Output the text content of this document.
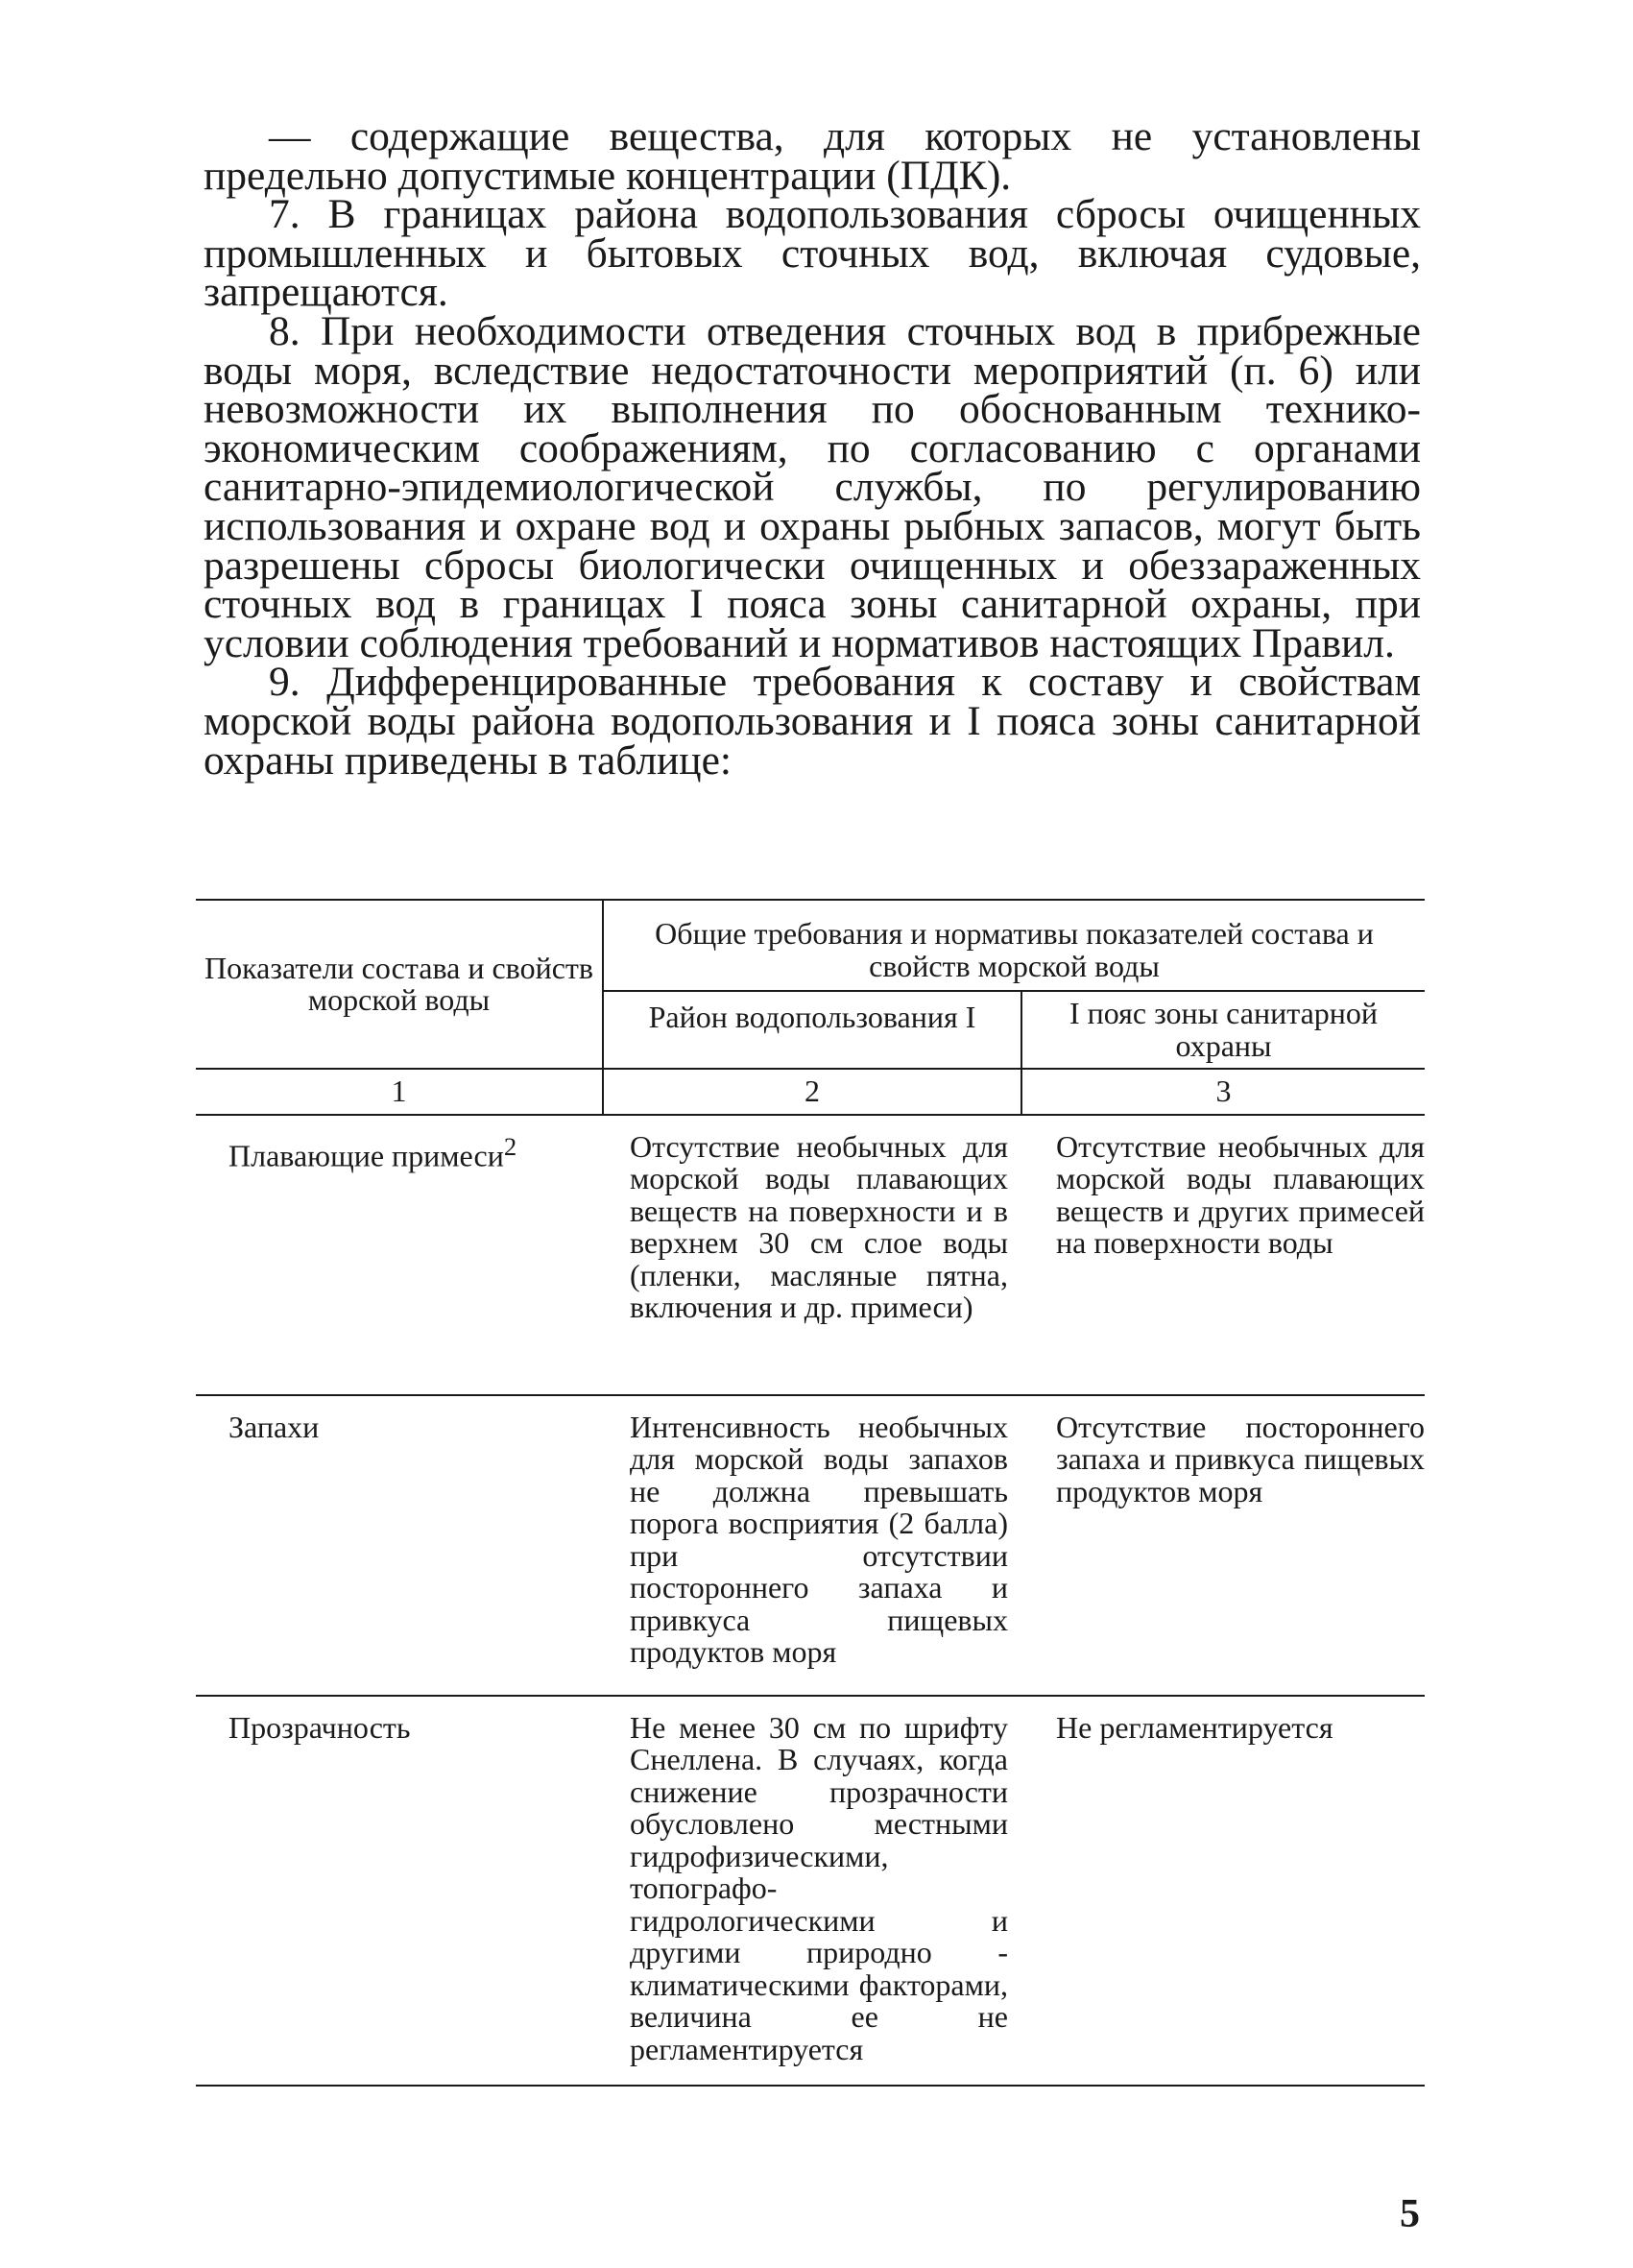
— содержащие вещества, для которых не установлены предельно допустимые концентрации (ПДК).

7. В границах района водопользования сбросы очищенных промышленных и бытовых сточных вод, включая судовые, запрещаются.

8. При необходимости отведения сточных вод в прибрежные воды моря, вследствие недостаточности мероприятий (п. 6) или невозможности их выполнения по обоснованным технико-экономическим соображениям, по согласованию с органами санитарно-эпидемиологической службы, по регулированию использования и охране вод и охраны рыбных запасов, могут быть разрешены сбросы биологически очищенных и обеззараженных сточных вод в границах I пояса зоны санитарной охраны, при условии соблюдения требований и нормативов настоящих Правил.

9. Дифференцированные требования к составу и свойствам морской воды района водопользования и I пояса зоны санитарной охраны приведены в таблице:

Показатели состава и свойств морской воды	Общие требования и нормативы показателей состава и свойств морской воды	
	Район водопользования I	I пояс зоны санитарной охраны
1	2	3
Плавающие примеси$^2$	Отсутствие необычных для морской воды плавающих веществ на поверхности и в верхнем 30 см слое воды (пленки, масляные пятна, включения и др. примеси)	Отсутствие необычных для морской воды плавающих веществ и других примесей на поверхности воды
Запахи	Интенсивность необычных для морской воды запахов не должна превышать порога восприятия (2 балла) при отсутствии постороннего запаха и привкуса пищевых продуктов моря	Отсутствие постороннего запаха и привкуса пищевых продуктов моря
Прозрачность	Не менее 30 см по шрифту Снеллена. В случаях, когда снижение прозрачности обусловлено местными гидрофизическими, топографо-гидрологическими и другими природно - климатическими факторами, величина ее не регламентируется	Не регламентируется
5
